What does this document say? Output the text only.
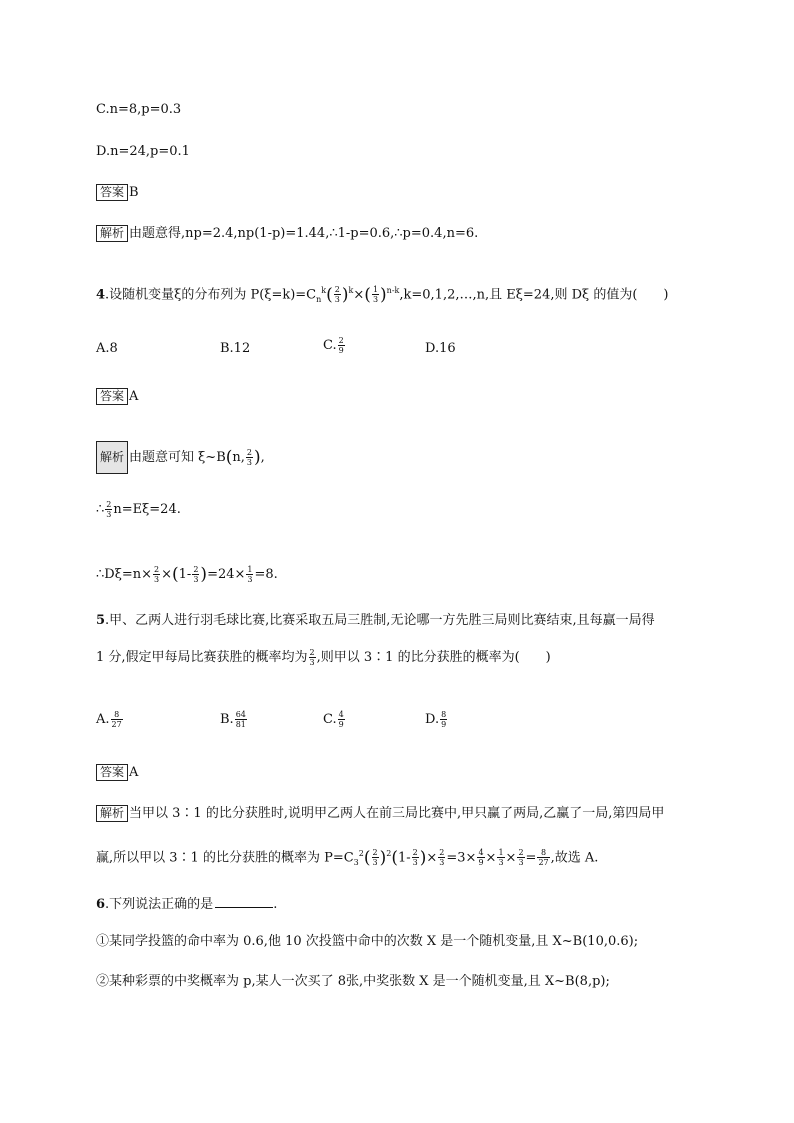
C.n=8,p=0.3
D.n=24,p=0.1
答案 B
解析 由题意得,np=2.4,np(1-p)=1.44,∴1-p=0.6,∴p=0.4,n=6.
4.设随机变量ξ的分布列为 $P(\xi=k)=C_n^k( \frac{2}{3} )^k\times( \frac{1}{3}$ )$^{n-k},k=0,1,2,\dots,n$,且 Eξ=24,则 Dξ 的值为(　　)
A.8	B.12	C. $\frac{2}{9}$	D.16
答案 A
解析 由题意可知 ξ~B(n, $\frac{2}{3}$ ),
∴ $\frac{2}{3} n=E\xi=24$.
∴Dξ=n× $\frac{2}{3} \times(1- \frac{2}{3} )=24\times \frac{1}{3} =8$.
5.甲、乙两人进行羽毛球比赛,比赛采取五局三胜制,无论哪一方先胜三局则比赛结束,且每赢一局得
1 分,假定甲每局比赛获胜的概率均为 $\frac{2}{3}$ ,则甲以 3∶1 的比分获胜的概率为(　　)
A. $\frac{8}{27}$	B. $\frac{64}{81}$	C. $\frac{4}{9}$	D. $\frac{8}{9}$
答案 A
解析 当甲以 3∶1 的比分获胜时,说明甲乙两人在前三局比赛中,甲只赢了两局,乙赢了一局,第四局甲
赢,所以甲以 3∶1 的比分获胜的概率为 $P=C_3^2( \frac{2}{3} )^2(1- \frac{2}{3}$ )× $\frac{2}{3} =3\times \frac{4}{9} \times \frac{1}{3} \times \frac{2}{3} = \frac{8}{27}$ ,故选 A.
6.下列说法正确的是	.
①某同学投篮的命中率为 0.6,他 10 次投篮中命中的次数 X 是一个随机变量,且 X~B(10,0.6);
②某种彩票的中奖概率为 p,某人一次买了 8张,中奖张数 X 是一个随机变量,且 X~B(8,p);
